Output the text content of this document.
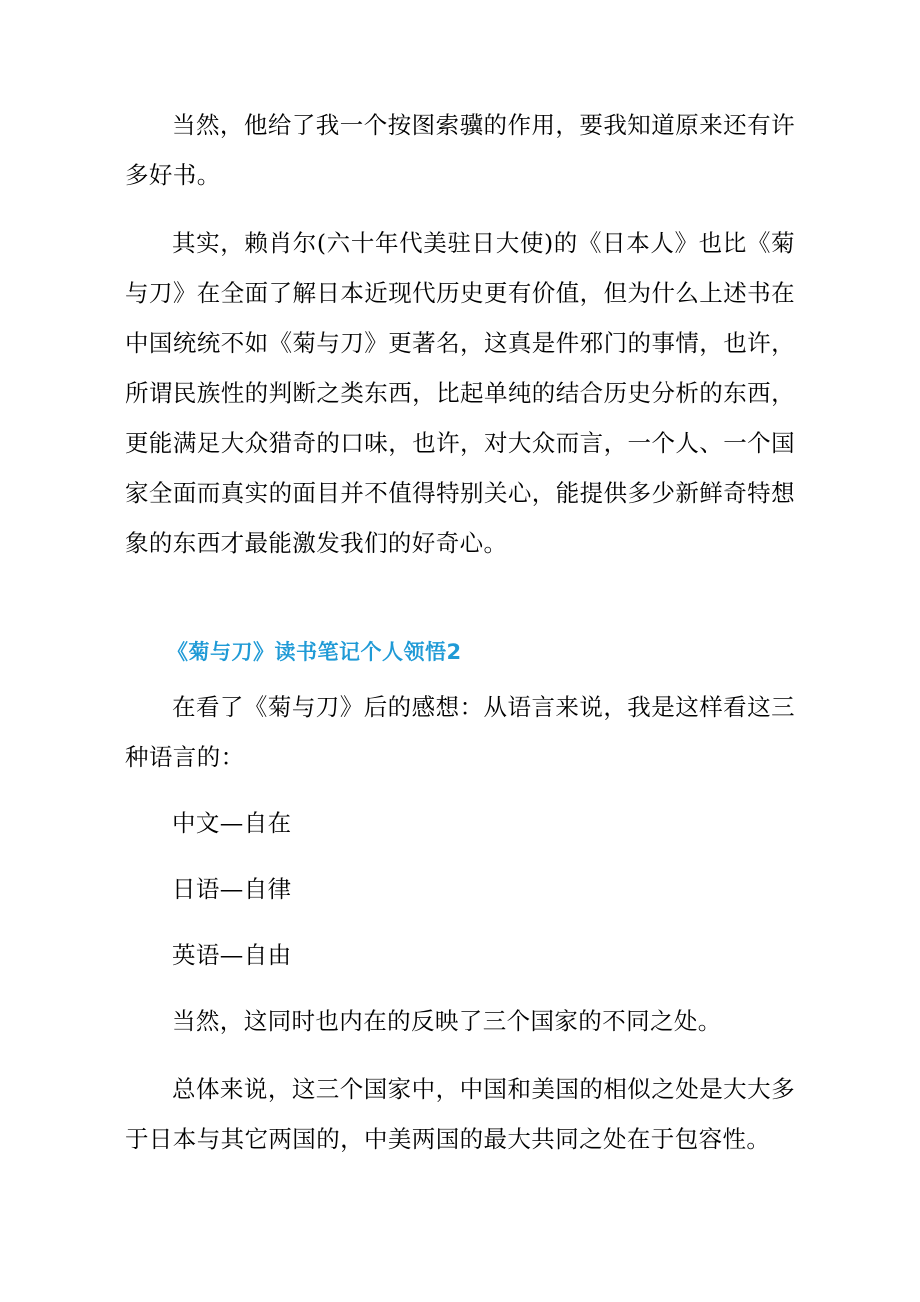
当然，他给了我一个按图索骥的作用，要我知道原来还有许多好书。

其实，赖肖尔(六十年代美驻日大使)的《日本人》也比《菊与刀》在全面了解日本近现代历史更有价值，但为什么上述书在中国统统不如《菊与刀》更著名，这真是件邪门的事情，也许，所谓民族性的判断之类东西，比起单纯的结合历史分析的东西，更能满足大众猎奇的口味，也许，对大众而言，一个人、一个国家全面而真实的面目并不值得特别关心，能提供多少新鲜奇特想象的东西才最能激发我们的好奇心。

《菊与刀》读书笔记个人领悟2

在看了《菊与刀》后的感想：从语言来说，我是这样看这三种语言的：

中文—自在

日语—自律

英语—自由

当然，这同时也内在的反映了三个国家的不同之处。

总体来说，这三个国家中，中国和美国的相似之处是大大多于日本与其它两国的，中美两国的最大共同之处在于包容性。
